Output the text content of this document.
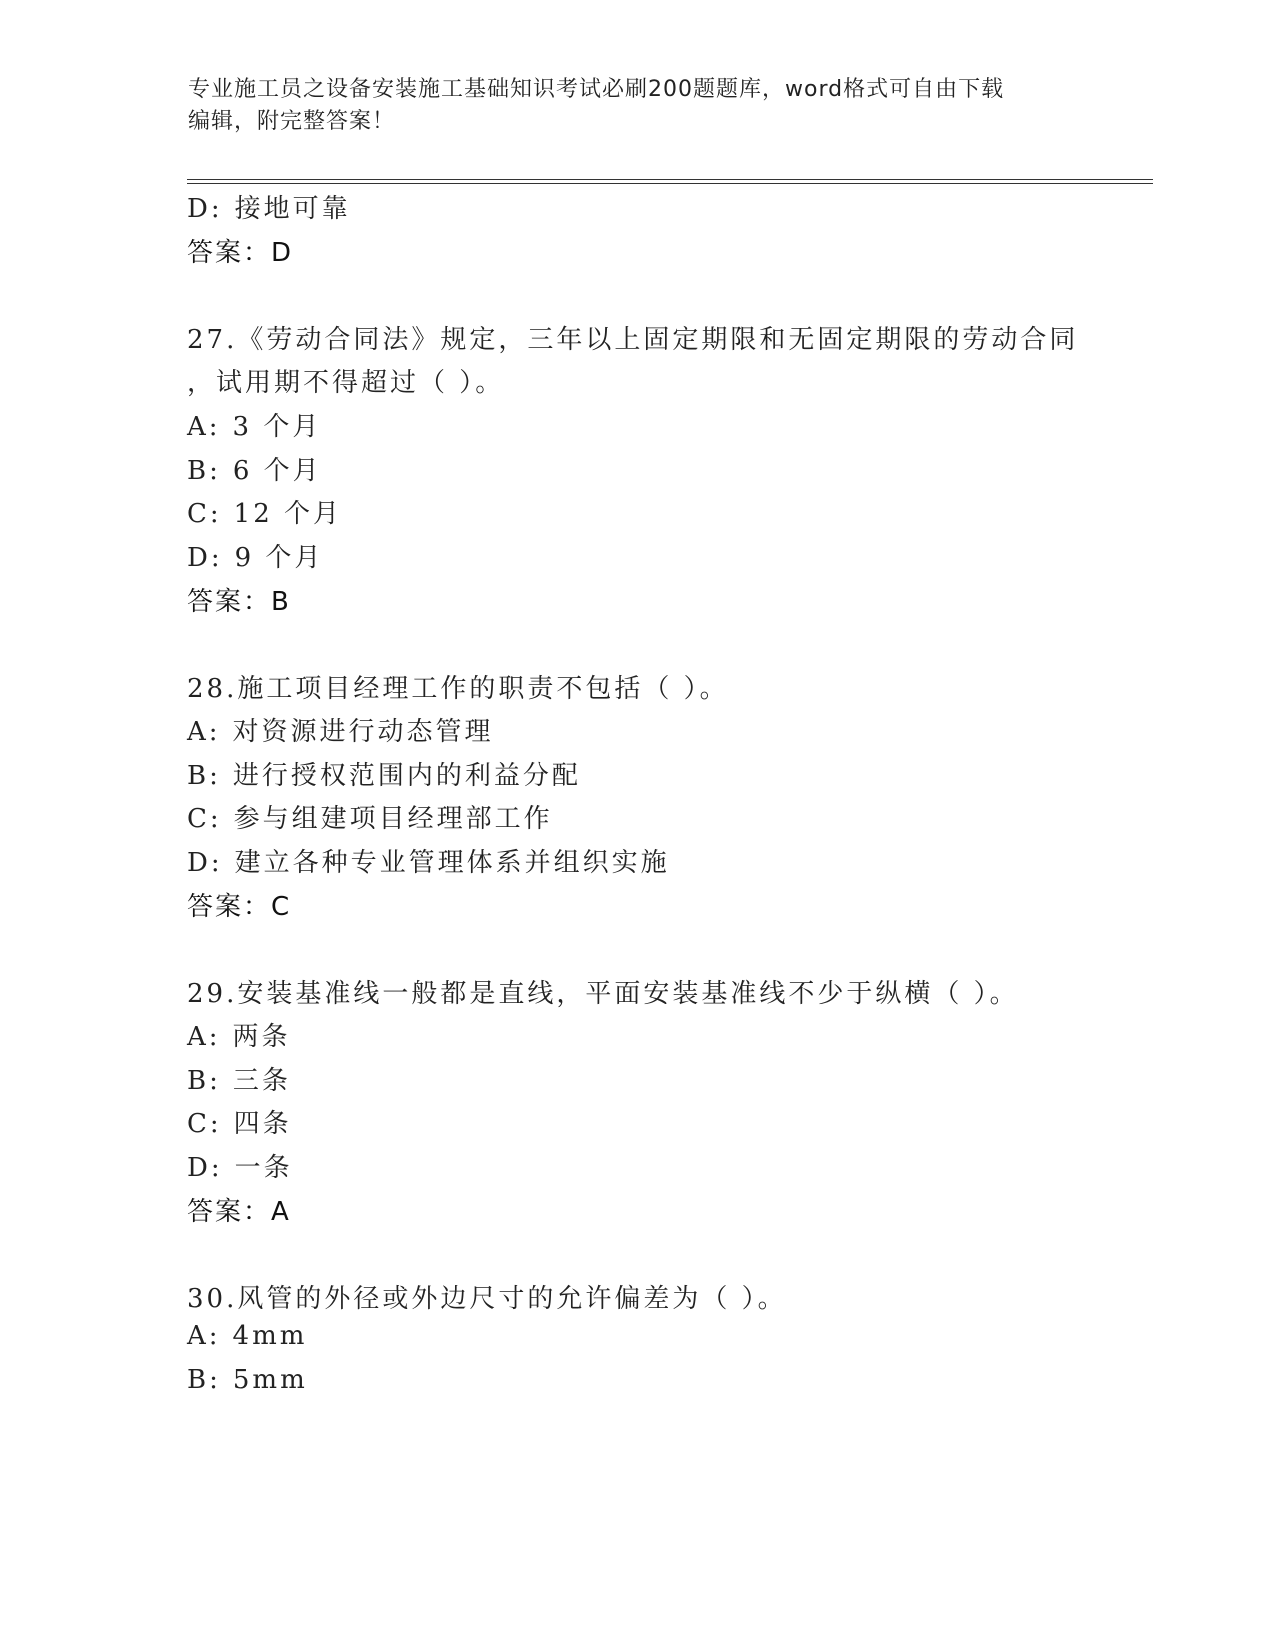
专业施工员之设备安装施工基础知识考试必刷200题题库，word格式可自由下载
编辑，附完整答案！
D: 接地可靠
答案：D
27.《劳动合同法》规定，三年以上固定期限和无固定期限的劳动合同
，试用期不得超过（ ）。
A: 3 个月
B: 6 个月
C: 12 个月
D: 9 个月
答案：B
28.施工项目经理工作的职责不包括（ ）。
A: 对资源进行动态管理
B: 进行授权范围内的利益分配
C: 参与组建项目经理部工作
D: 建立各种专业管理体系并组织实施
答案：C
29.安装基准线一般都是直线，平面安装基准线不少于纵横（ ）。
A: 两条
B: 三条
C: 四条
D: 一条
答案：A
30.风管的外径或外边尺寸的允许偏差为（ ）。
A: 4mm
B: 5mm
